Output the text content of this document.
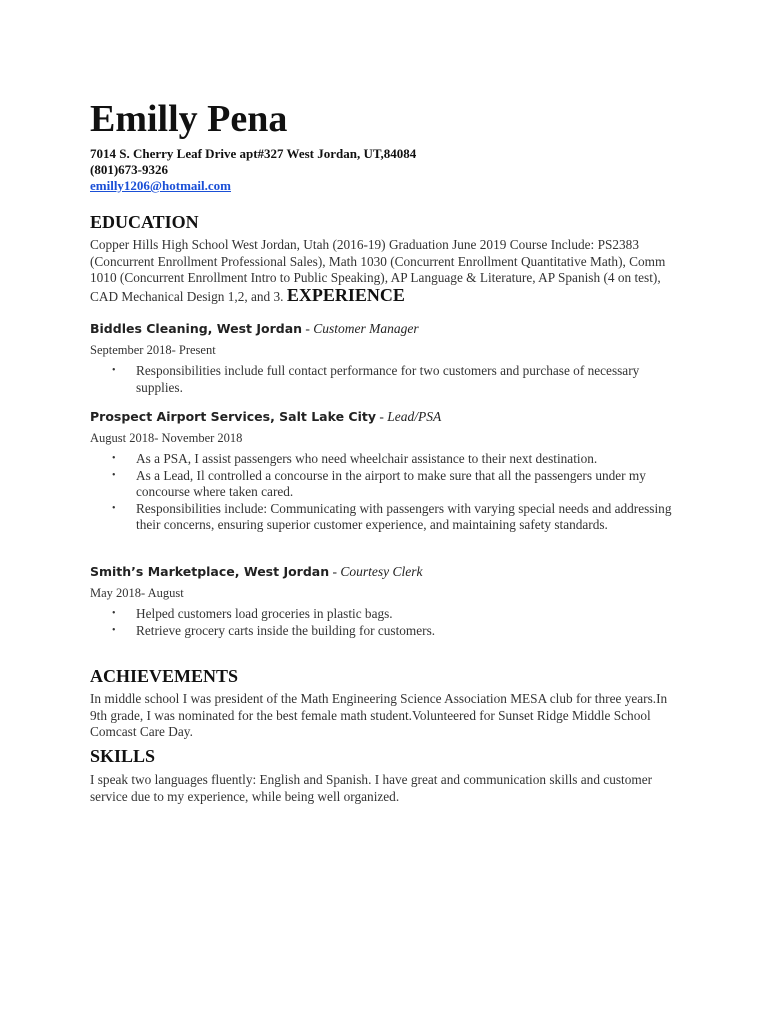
Emilly Pena
7014 S. Cherry Leaf Drive apt#327 West Jordan, UT,84084
(801)673-9326
emilly1206@hotmail.com
EDUCATION
Copper Hills High School West Jordan, Utah (2016-19) Graduation June 2019 Course Include: PS2383 (Concurrent Enrollment Professional Sales), Math 1030 (Concurrent Enrollment Quantitative Math), Comm 1010 (Concurrent Enrollment Intro to Public Speaking), AP Language & Literature, AP Spanish (4 on test), CAD Mechanical Design 1,2, and 3. EXPERIENCE
Biddles Cleaning, West Jordan - Customer Manager
September 2018- Present
• Responsibilities include full contact performance for two customers and purchase of necessary supplies.
Prospect Airport Services, Salt Lake City - Lead/PSA
August 2018- November 2018
• As a PSA, I assist passengers who need wheelchair assistance to their next destination.
• As a Lead, Il controlled a concourse in the airport to make sure that all the passengers under my concourse where taken cared.
• Responsibilities include: Communicating with passengers with varying special needs and addressing their concerns, ensuring superior customer experience, and maintaining safety standards.
Smith’s Marketplace, West Jordan - Courtesy Clerk
May 2018- August
• Helped customers load groceries in plastic bags.
• Retrieve grocery carts inside the building for customers.
ACHIEVEMENTS
In middle school I was president of the Math Engineering Science Association MESA club for three years.In 9th grade, I was nominated for the best female math student.Volunteered for Sunset Ridge Middle School Comcast Care Day.
SKILLS
I speak two languages fluently: English and Spanish. I have great and communication skills and customer service due to my experience, while being well organized.
